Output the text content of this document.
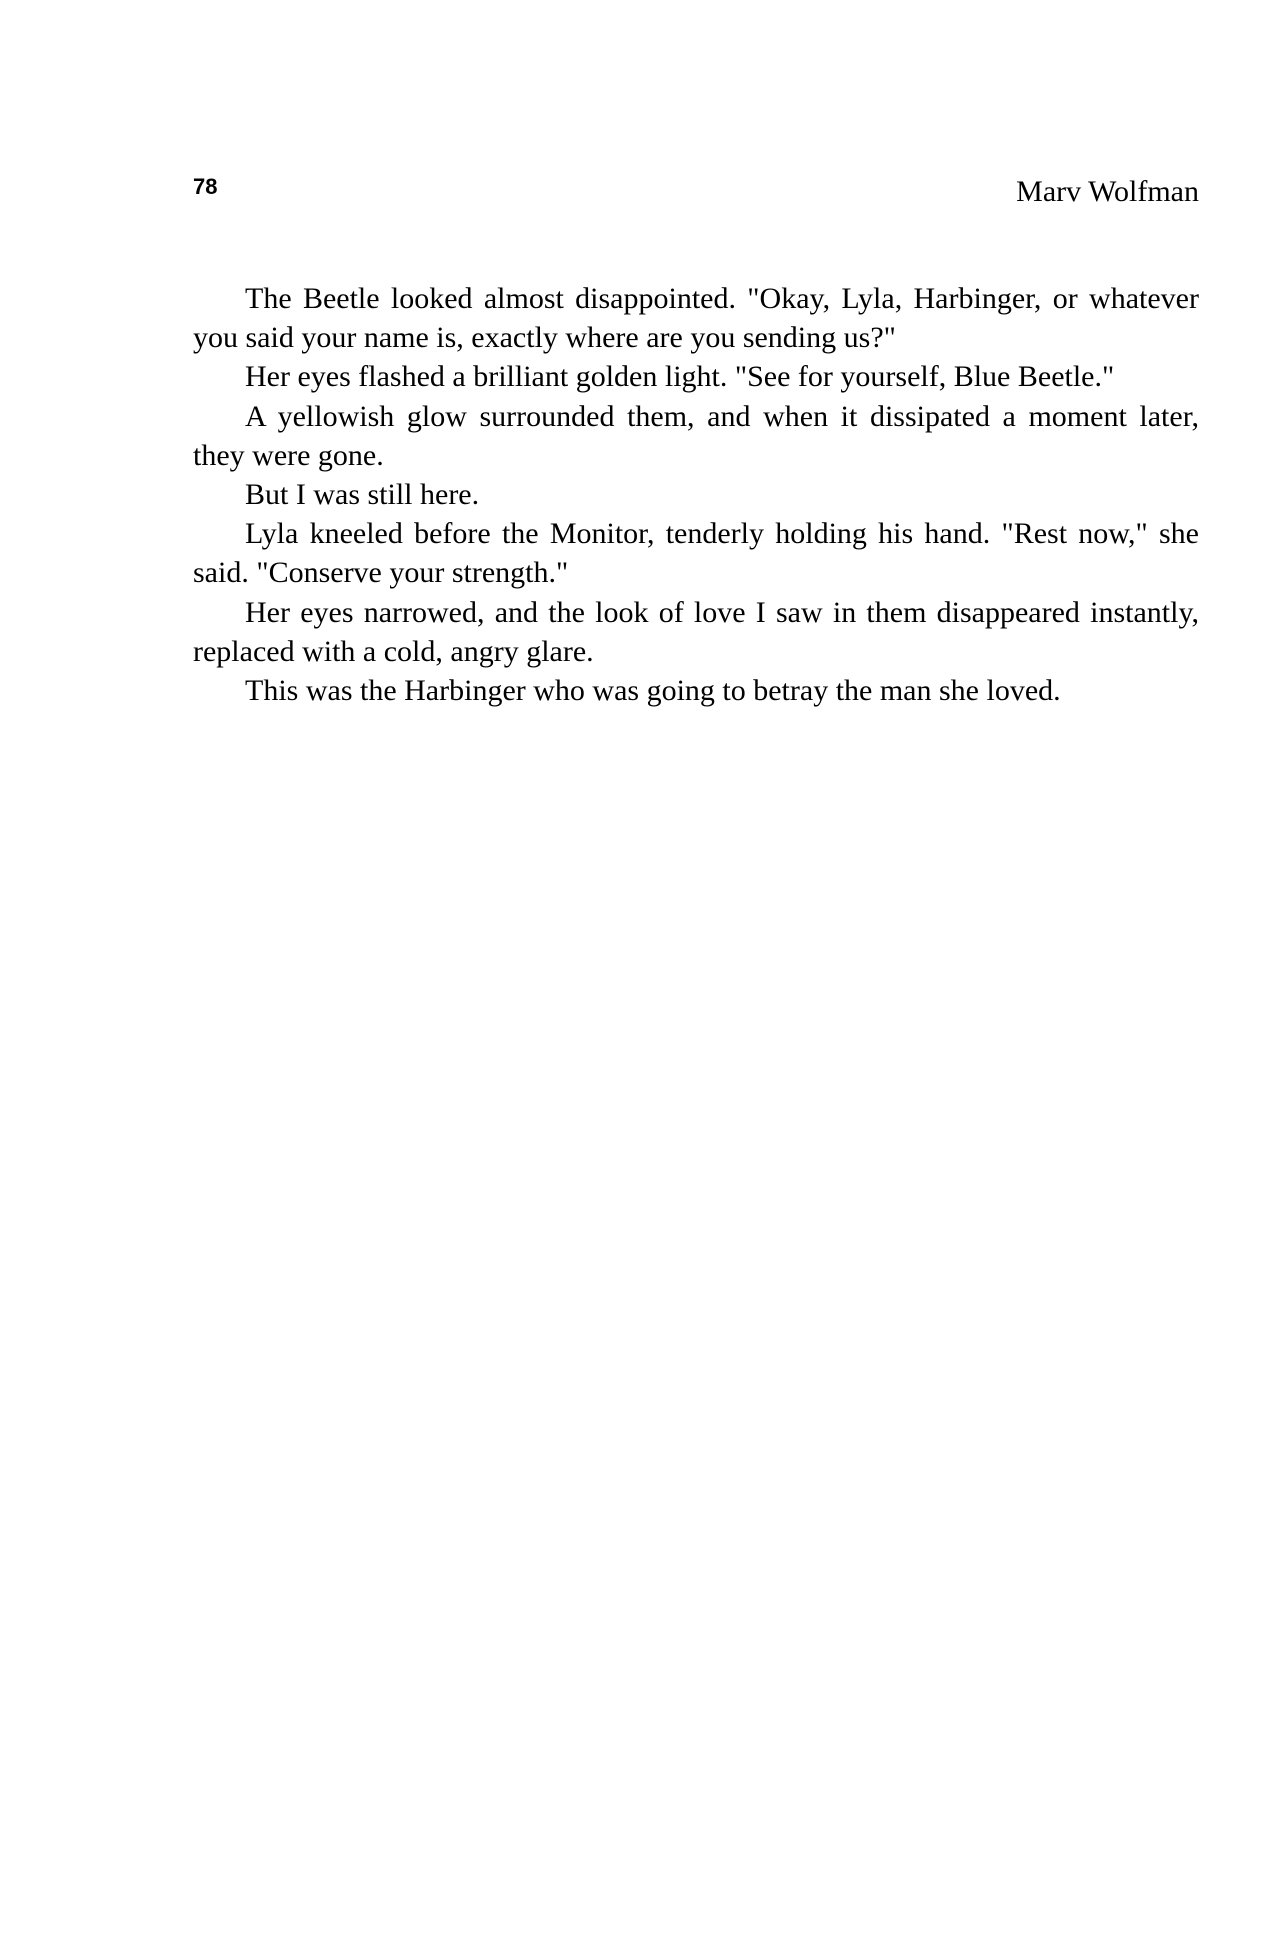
78	Marv Wolfman

The Beetle looked almost disappointed. "Okay, Lyla, Harbinger, or whatever you said your name is, exactly where are you sending us?"

Her eyes flashed a brilliant golden light. "See for yourself, Blue Beetle."

A yellowish glow surrounded them, and when it dissipated a moment later, they were gone.

But I was still here.

Lyla kneeled before the Monitor, tenderly holding his hand. "Rest now," she said. "Conserve your strength."

Her eyes narrowed, and the look of love I saw in them disappeared instantly, replaced with a cold, angry glare.

This was the Harbinger who was going to betray the man she loved.
